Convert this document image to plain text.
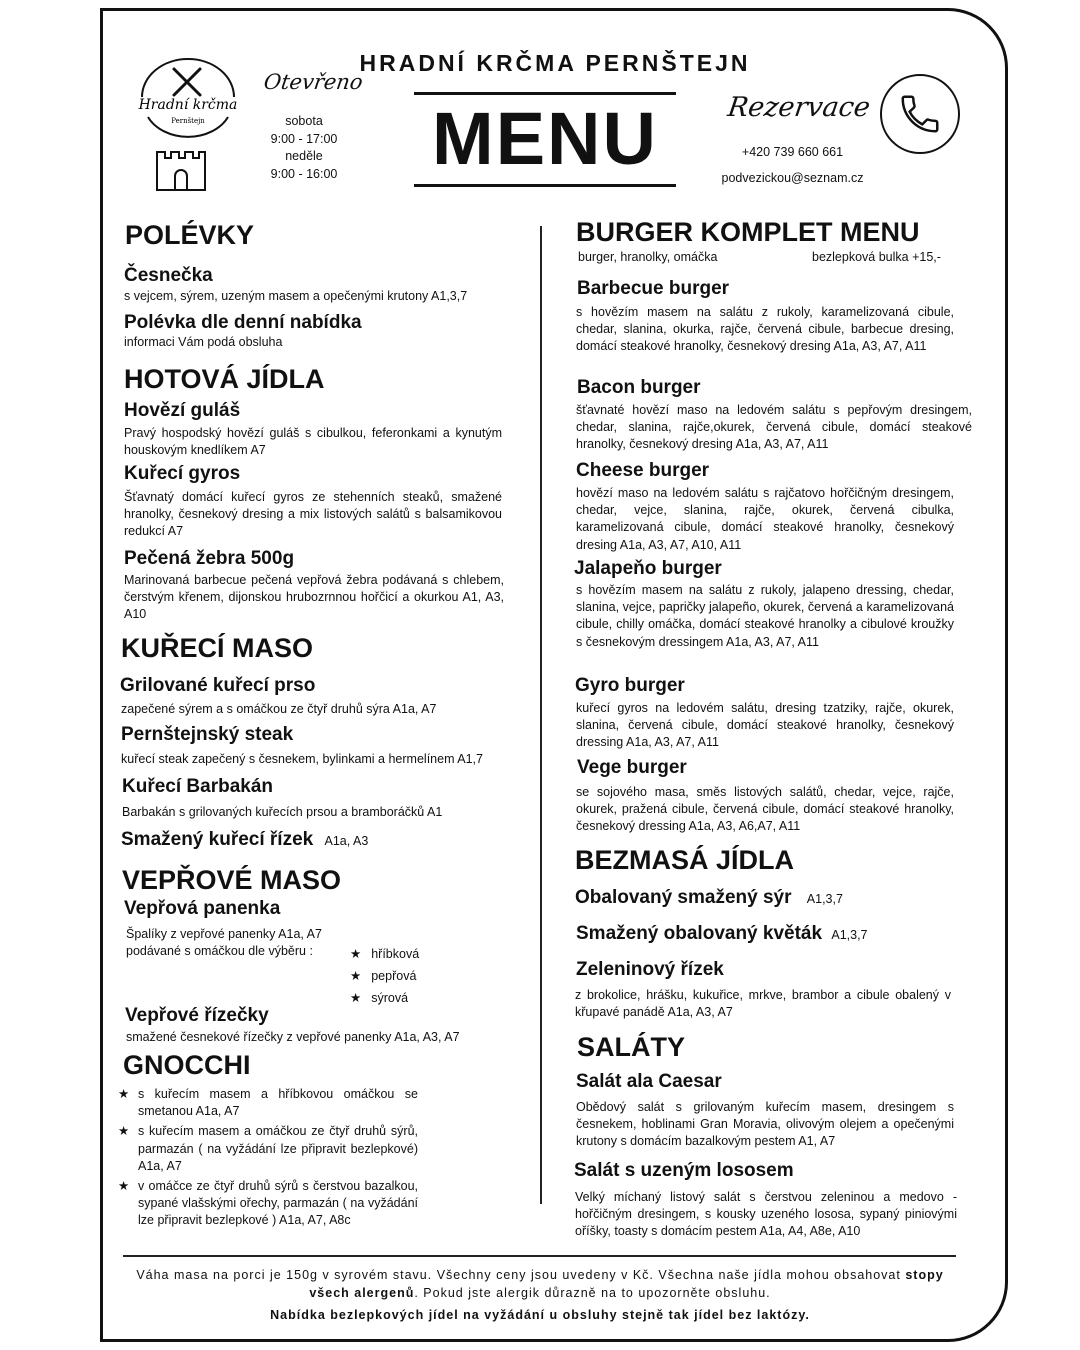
Hradní krčma
Pernštejn
Otevřeno
sobota
9:00 - 17:00
neděle
9:00 - 16:00
HRADNÍ KRČMA PERNŠTEJN
MENU	Rezervace
+420 739 660 661
podvezickou@seznam.cz
POLÉVKY
Česnečka
s vejcem, sýrem, uzeným masem a opečenými krutony A1,3,7
Polévka dle denní nabídka
informaci Vám podá obsluha
HOTOVÁ JÍDLA
Hovězí guláš
Pravý hospodský hovězí guláš s cibulkou, feferonkami a kynutým houskovým knedlíkem A7
Kuřecí gyros
Šťavnatý domácí kuřecí gyros ze stehenních steaků, smažené hranolky, česnekový dresing a mix listových salátů s balsamikovou redukcí A7
Pečená žebra 500g
Marinovaná barbecue pečená vepřová žebra podávaná s chlebem, čerstvým křenem, dijonskou hrubozrnnou hořčicí a okurkou A1, A3, A10
KUŘECÍ MASO
Grilované kuřecí prso
zapečené sýrem a s omáčkou ze čtyř druhů sýra A1a, A7
Pernštejnský steak
kuřecí steak zapečený s česnekem, bylinkami a hermelínem A1,7
Kuřecí Barbakán
Barbakán s grilovaných kuřecích prsou a bramboráčků A1
Smažený kuřecí řízek A1a, A3
VEPŘOVÉ MASO
Vepřová panenka
Špalíky z vepřové panenky A1a, A7
podávané s omáčkou dle výběru :
★	hříbková
★ pepřová
★ sýrová
Vepřové řízečky
smažené česnekové řízečky z vepřové panenky A1a, A3, A7
GNOCCHI
★ s kuřecím masem a hříbkovou omáčkou se smetanou A1a, A7
★ s kuřecím masem a omáčkou ze čtyř druhů sýrů, parmazán ( na vyžádání lze připravit bezlepkové) A1a, A7
★ v omáčce ze čtyř druhů sýrů s čerstvou bazalkou, sypané vlašskými ořechy, parmazán ( na vyžádání lze připravit bezlepkové ) A1a, A7, A8c
BURGER KOMPLET MENU
burger, hranolky, omáčka	bezlepková bulka +15,-
Barbecue burger
s hovězím masem na salátu z rukoly, karamelizovaná cibule, chedar, slanina, okurka, rajče, červená cibule, barbecue dresing, domácí steakové hranolky, česnekový dresing A1a, A3, A7, A11
Bacon burger
šťavnaté hovězí maso na ledovém salátu s pepřovým dresingem, chedar, slanina, rajče,okurek, červená cibule, domácí steakové hranolky, česnekový dresing A1a, A3, A7, A11
Cheese burger
hovězí maso na ledovém salátu s rajčatovo hořčičným dresingem, chedar, vejce, slanina, rajče, okurek, červená cibulka, karamelizovaná cibule, domácí steakové hranolky, česnekový dresing A1a, A3, A7, A10, A11
Jalapeňo burger
s hovězím masem na salátu z rukoly, jalapeno dressing, chedar, slanina, vejce, papričky jalapeño, okurek, červená a karamelizovaná cibule, chilly omáčka, domácí steakové hranolky a cibulové kroužky s česnekovým dressingem A1a, A3, A7, A11
Gyro burger
kuřecí gyros na ledovém salátu, dresing tzatziky, rajče, okurek, slanina, červená cibule, domácí steakové hranolky, česnekový dressing A1a, A3, A7, A11
Vege burger
se sojového masa, směs listových salátů, chedar, vejce, rajče, okurek, pražená cibule, červená cibule, domácí steakové hranolky, česnekový dressing A1a, A3, A6,A7, A11
BEZMASÁ JÍDLA
Obalovaný smažený sýr A1,3,7
Smažený obalovaný květák A1,3,7
Zeleninový řízek
z brokolice, hrášku, kukuřice, mrkve, brambor a cibule obalený v křupavé panádě A1a, A3, A7
SALÁTY
Salát ala Caesar
Obědový salát s grilovaným kuřecím masem, dresingem s česnekem, hoblinami Gran Moravia, olivovým olejem a opečenými krutony s domácím bazalkovým pestem A1, A7
Salát s uzeným lososem
Velký míchaný listový salát s čerstvou zeleninou a medovo - hořčičným dresingem, s kousky uzeného lososa, sypaný piniovými oříšky, toasty s domácím pestem A1a, A4, A8e, A10
Váha masa na porci je 150g v syrovém stavu. Všechny ceny jsou uvedeny v Kč. Všechna naše jídla mohou obsahovat stopy všech alergenů. Pokud jste alergik důrazně na to upozorněte obsluhu.
Nabídka bezlepkových jídel na vyžádání u obsluhy stejně tak jídel bez laktózy.
